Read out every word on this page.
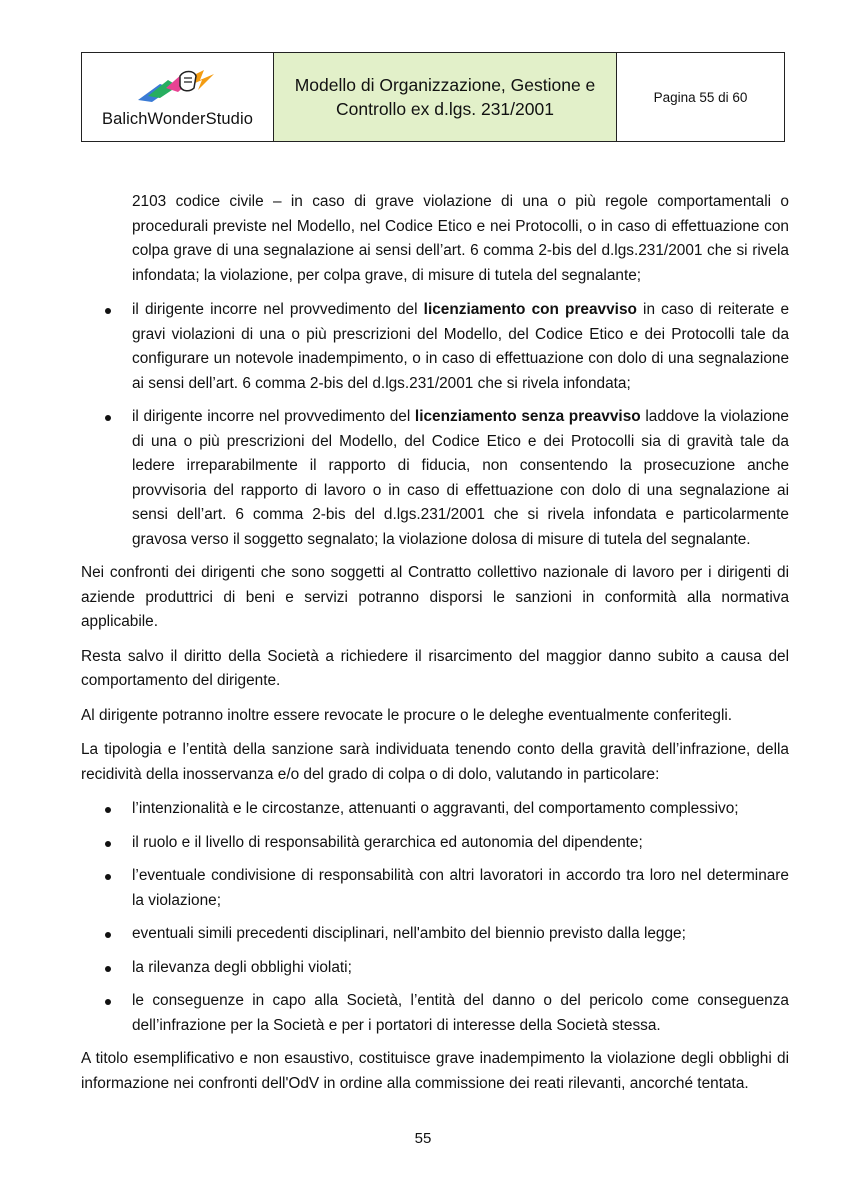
BalichWonderStudio
Modello di Organizzazione, Gestione e
Controllo ex d.lgs. 231/2001
Pagina 55 di 60

2103 codice civile – in caso di grave violazione di una o più regole comportamentali o procedurali previste nel Modello, nel Codice Etico e nei Protocolli, o in caso di effettuazione con colpa grave di una segnalazione ai sensi dell’art. 6 comma 2-bis del d.lgs.231/2001 che si rivela infondata; la violazione, per colpa grave, di misure di tutela del segnalante;

il dirigente incorre nel provvedimento del licenziamento con preavviso in caso di reiterate e gravi violazioni di una o più prescrizioni del Modello, del Codice Etico e dei Protocolli tale da configurare un notevole inadempimento, o in caso di effettuazione con dolo di una segnalazione ai sensi dell’art. 6 comma 2-bis del d.lgs.231/2001 che si rivela infondata;
il dirigente incorre nel provvedimento del licenziamento senza preavviso laddove la violazione di una o più prescrizioni del Modello, del Codice Etico e dei Protocolli sia di gravità tale da ledere irreparabilmente il rapporto di fiducia, non consentendo la prosecuzione anche provvisoria del rapporto di lavoro o in caso di effettuazione con dolo di una segnalazione ai sensi dell’art. 6 comma 2-bis del d.lgs.231/2001 che si rivela infondata e particolarmente gravosa verso il soggetto segnalato; la violazione dolosa di misure di tutela del segnalante.

Nei confronti dei dirigenti che sono soggetti al Contratto collettivo nazionale di lavoro per i dirigenti di aziende produttrici di beni e servizi potranno disporsi le sanzioni in conformità alla normativa applicabile.

Resta salvo il diritto della Società a richiedere il risarcimento del maggior danno subito a causa del comportamento del dirigente.

Al dirigente potranno inoltre essere revocate le procure o le deleghe eventualmente conferitegli.

La tipologia e l’entità della sanzione sarà individuata tenendo conto della gravità dell’infrazione, della recidività della inosservanza e/o del grado di colpa o di dolo, valutando in particolare:

l’intenzionalità e le circostanze, attenuanti o aggravanti, del comportamento complessivo;
il ruolo e il livello di responsabilità gerarchica ed autonomia del dipendente;
l’eventuale condivisione di responsabilità con altri lavoratori in accordo tra loro nel determinare la violazione;
eventuali simili precedenti disciplinari, nell'ambito del biennio previsto dalla legge;
la rilevanza degli obblighi violati;
le conseguenze in capo alla Società, l’entità del danno o del pericolo come conseguenza dell’infrazione per la Società e per i portatori di interesse della Società stessa.

A titolo esemplificativo e non esaustivo, costituisce grave inadempimento la violazione degli obblighi di informazione nei confronti dell'OdV in ordine alla commissione dei reati rilevanti, ancorché tentata.

55
